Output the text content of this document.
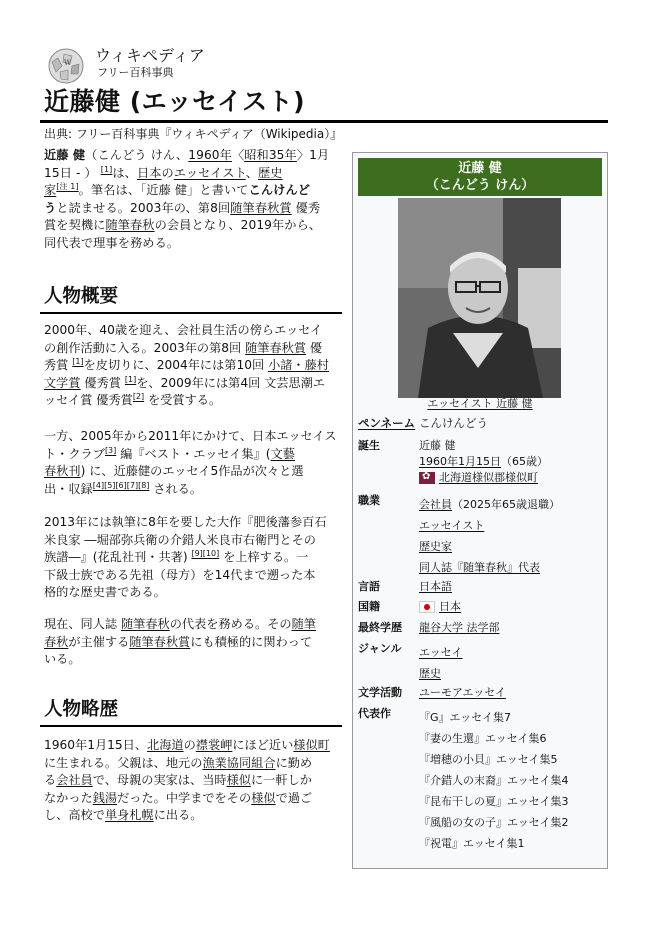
W ウィキペディア
フリー百科事典
近藤健 (エッセイスト)
出典: フリー百科事典『ウィキペディア（Wikipedia）』

近藤 健（こんどう けん、1960年〈昭和35年〉1月

15日 - ） [1]は、日本のエッセイスト、歴史

家[注 1]。筆名は、「近藤 健」と書いてこんけんど

うと読ませる。2003年の、第8回随筆春秋賞 優秀

賞を契機に随筆春秋の会員となり、2019年から、

同代表で理事を務める。

人物概要
2000年、40歳を迎え、会社員生活の傍らエッセイ
の創作活動に入る。2003年の第8回 随筆春秋賞 優
秀賞 [1]を皮切りに、2004年には第10回 小諸・藤村
文学賞 優秀賞 [1]を、2009年には第4回 文芸思潮エ
ッセイ賞 優秀賞[2] を受賞する。
一方、2005年から2011年にかけて、日本エッセイス
ト・クラブ[3] 編『ベスト・エッセイ集』(文藝
春秋刊) に、近藤健のエッセイ5作品が次々と選
出・収録[4][5][6][7][8] される。
2013年には執筆に8年を要した大作『肥後藩参百石
米良家 ―堀部弥兵衛の介錯人米良市右衛門とその
族譜―』(花乱社刊・共著) [9][10] を上梓する。一
下級士族である先祖（母方）を14代まで遡った本
格的な歴史書である。
現在、同人誌 随筆春秋の代表を務める。その随筆
春秋が主催する随筆春秋賞にも積極的に関わって
いる。
人物略歴
1960年1月15日、北海道の襟裳岬にほど近い様似町
に生まれる。父親は、地元の漁業協同組合に勤め
る会社員で、母親の実家は、当時様似に一軒しか
なかった銭湯だった。中学までをその様似で過ご
し、高校で単身札幌に出る。
近藤 健
（こんどう けん）
エッセイスト 近藤 健
ペンネーム こんけんどう
誕生	近藤 健
1960年1月15日（65歳）
✿北海道様似郡様似町
職業	会社員（2025年65歳退職）
エッセイスト
歴史家
同人誌『随筆春秋』代表
言語	日本語
国籍	日本
最終学歴 龍谷大学 法学部
ジャンル エッセイ
歴史
文学活動 ユーモアエッセイ
代表作	『G』エッセイ集7
『妻の生還』エッセイ集6
『増穂の小貝』エッセイ集5
『介錯人の末裔』エッセイ集4
『昆布干しの夏』エッセイ集3
『風船の女の子』エッセイ集2
『祝電』エッセイ集1
